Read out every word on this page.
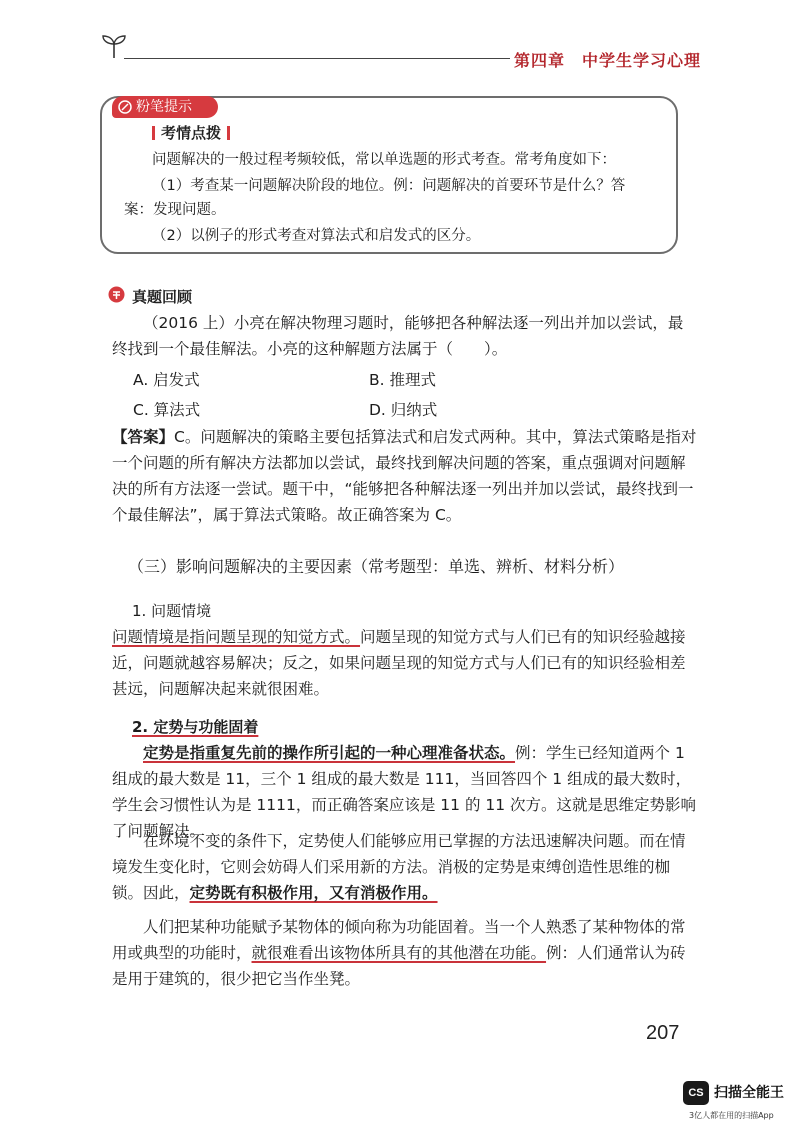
第四章　中学生学习心理
粉笔提示
考情点拨
问题解决的一般过程考频较低，常以单选题的形式考查。常考角度如下：
（1）考查某一问题解决阶段的地位。例：问题解决的首要环节是什么？答案：发现问题。
（2）以例子的形式考查对算法式和启发式的区分。
真题回顾
（2016 上）小亮在解决物理习题时，能够把各种解法逐一列出并加以尝试，最终找到一个最佳解法。小亮的这种解题方法属于（　　）。
A. 启发式	B. 推理式
C. 算法式	D. 归纳式
【答案】C。问题解决的策略主要包括算法式和启发式两种。其中，算法式策略是指对一个问题的所有解决方法都加以尝试，最终找到解决问题的答案，重点强调对问题解决的所有方法逐一尝试。题干中，“能够把各种解法逐一列出并加以尝试，最终找到一个最佳解法”，属于算法式策略。故正确答案为 C。
（三）影响问题解决的主要因素（常考题型：单选、辨析、材料分析）
1. 问题情境
问题情境是指问题呈现的知觉方式。问题呈现的知觉方式与人们已有的知识经验越接近，问题就越容易解决；反之，如果问题呈现的知觉方式与人们已有的知识经验相差甚远，问题解决起来就很困难。
2. 定势与功能固着
定势是指重复先前的操作所引起的一种心理准备状态。例：学生已经知道两个 1 组成的最大数是 11，三个 1 组成的最大数是 111，当回答四个 1 组成的最大数时，学生会习惯性认为是 1111，而正确答案应该是 11 的 11 次方。这就是思维定势影响了问题解决。
在环境不变的条件下，定势使人们能够应用已掌握的方法迅速解决问题。而在情境发生变化时，它则会妨碍人们采用新的方法。消极的定势是束缚创造性思维的枷锁。因此，定势既有积极作用，又有消极作用。
人们把某种功能赋予某物体的倾向称为功能固着。当一个人熟悉了某种物体的常用或典型的功能时，就很难看出该物体所具有的其他潜在功能。例：人们通常认为砖是用于建筑的，很少把它当作坐凳。
207
CS 扫描全能王
3亿人都在用的扫描App
